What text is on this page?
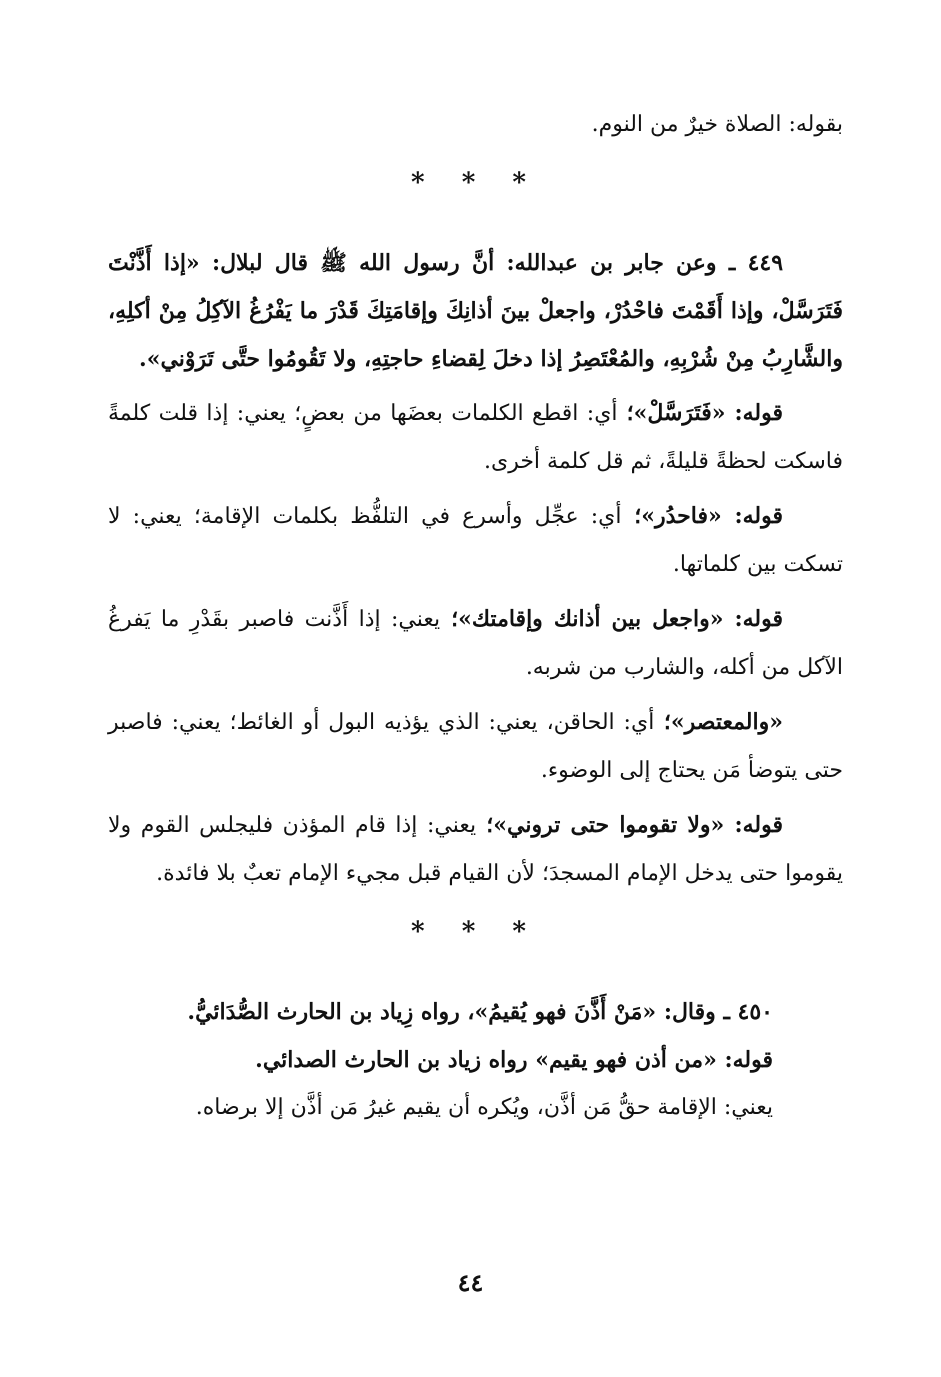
بقوله: الصلاة خيرٌ من النوم.

* * *

٤٤٩ ـ وعن جابر بن عبدالله: أنَّ رسول الله ﷺ قال لبلال: «إذا أَذَّنْتَ فَتَرَسَّلْ، وإذا أَقَمْتَ فاحْدُرْ، واجعلْ بينَ أذانِكَ وإقامَتِكَ قَدْرَ ما يَفْرُغُ الآكِلُ مِنْ أكلِهِ، والشَّارِبُ مِنْ شُرْبِهِ، والمُعْتَصِرُ إذا دخلَ لِقضاءِ حاجتِهِ، ولا تَقُومُوا حتَّى تَرَوْني».

قوله: «فَتَرَسَّلْ»؛ أي: اقطع الكلمات بعضَها من بعضٍ؛ يعني: إذا قلت كلمةً فاسكت لحظةً قليلةً، ثم قل كلمة أخرى.

قوله: «فاحدُر»؛ أي: عجِّل وأسرع في التلفُّظ بكلمات الإقامة؛ يعني: لا تسكت بين كلماتها.

قوله: «واجعل بين أذانك وإقامتك»؛ يعني: إذا أَذَّنت فاصبر بقَدْرِ ما يَفرغُ الآكل من أكله، والشارب من شربه.

«والمعتصر»؛ أي: الحاقن، يعني: الذي يؤذيه البول أو الغائط؛ يعني: فاصبر حتى يتوضأ مَن يحتاج إلى الوضوء.

قوله: «ولا تقوموا حتى تروني»؛ يعني: إذا قام المؤذن فليجلس القوم ولا يقوموا حتى يدخل الإمام المسجدَ؛ لأن القيام قبل مجيء الإمام تعبٌ بلا فائدة.

* * *

٤٥٠ ـ وقال: «مَنْ أَذَّنَ فهو يُقيمُ»، رواه زِياد بن الحارث الصُّدَائيُّ.

قوله: «من أذن فهو يقيم» رواه زياد بن الحارث الصدائي.

يعني: الإقامة حقُّ مَن أذَّن، ويُكره أن يقيم غيرُ مَن أذَّن إلا برضاه.

٤٤
